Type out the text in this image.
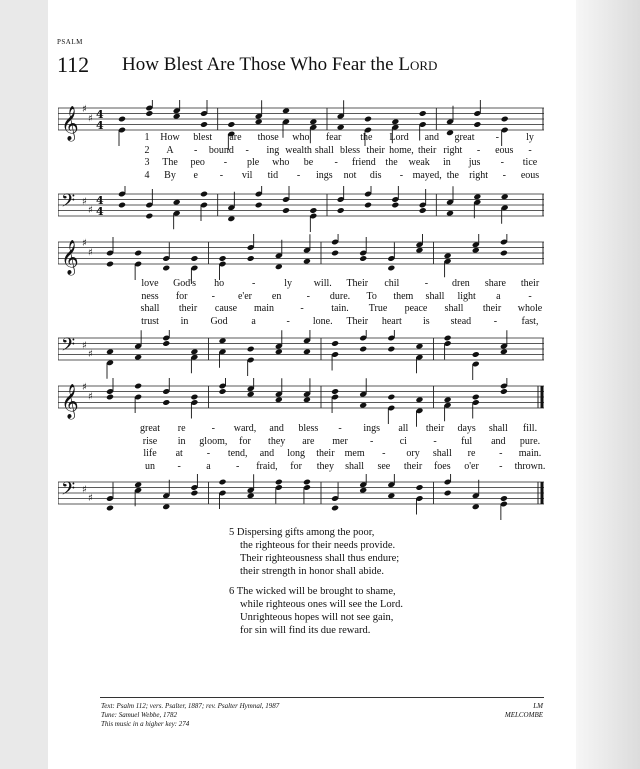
PSALM
112 How Blest Are Those Who Fear the Lord
𝄞 ♯
♯ 4
4
1 How blest are those who fear the Lord and great -	ly
2 A - bound - ing wealth shall bless their home, their right - eous -
3 The peo - ple who be - friend the weak in jus - tice
4 By e - vil tid - ings not dis - mayed, the right - eous
𝄢 ♯
♯
4
4
𝄞 ♯
♯
love God's ho	-	ly will. Their chil	- dren share their
ness for - e'er en	- dure. To them shall light a	-
shall their cause main	-	tain. True peace shall their whole
trust in God a	- lone. Their heart is stead - fast,
𝄢 ♯
♯
𝄞 ♯
♯
great re	- ward, and bless - ings all their days shall fill.
rise in gloom, for they are mer -	ci	- ful and pure.
life at - tend, and long their mem - ory shall re - main.
un -	a	- fraid, for they shall see their foes o'er - thrown.
𝄢 ♯
♯
5 Dispersing gifts among the poor,
the righteous for their needs provide.
Their righteousness shall thus endure;
their strength in honor shall abide.
6 The wicked will be brought to shame,
while righteous ones will see the Lord.
Unrighteous hopes will not see gain,
for sin will find its due reward.
Text: Psalm 112; vers. Psalter, 1887; rev. Psalter Hymnal, 1987
Tune: Samuel Webbe, 1782
This music in a higher key: 274
LM
MELCOMBE
